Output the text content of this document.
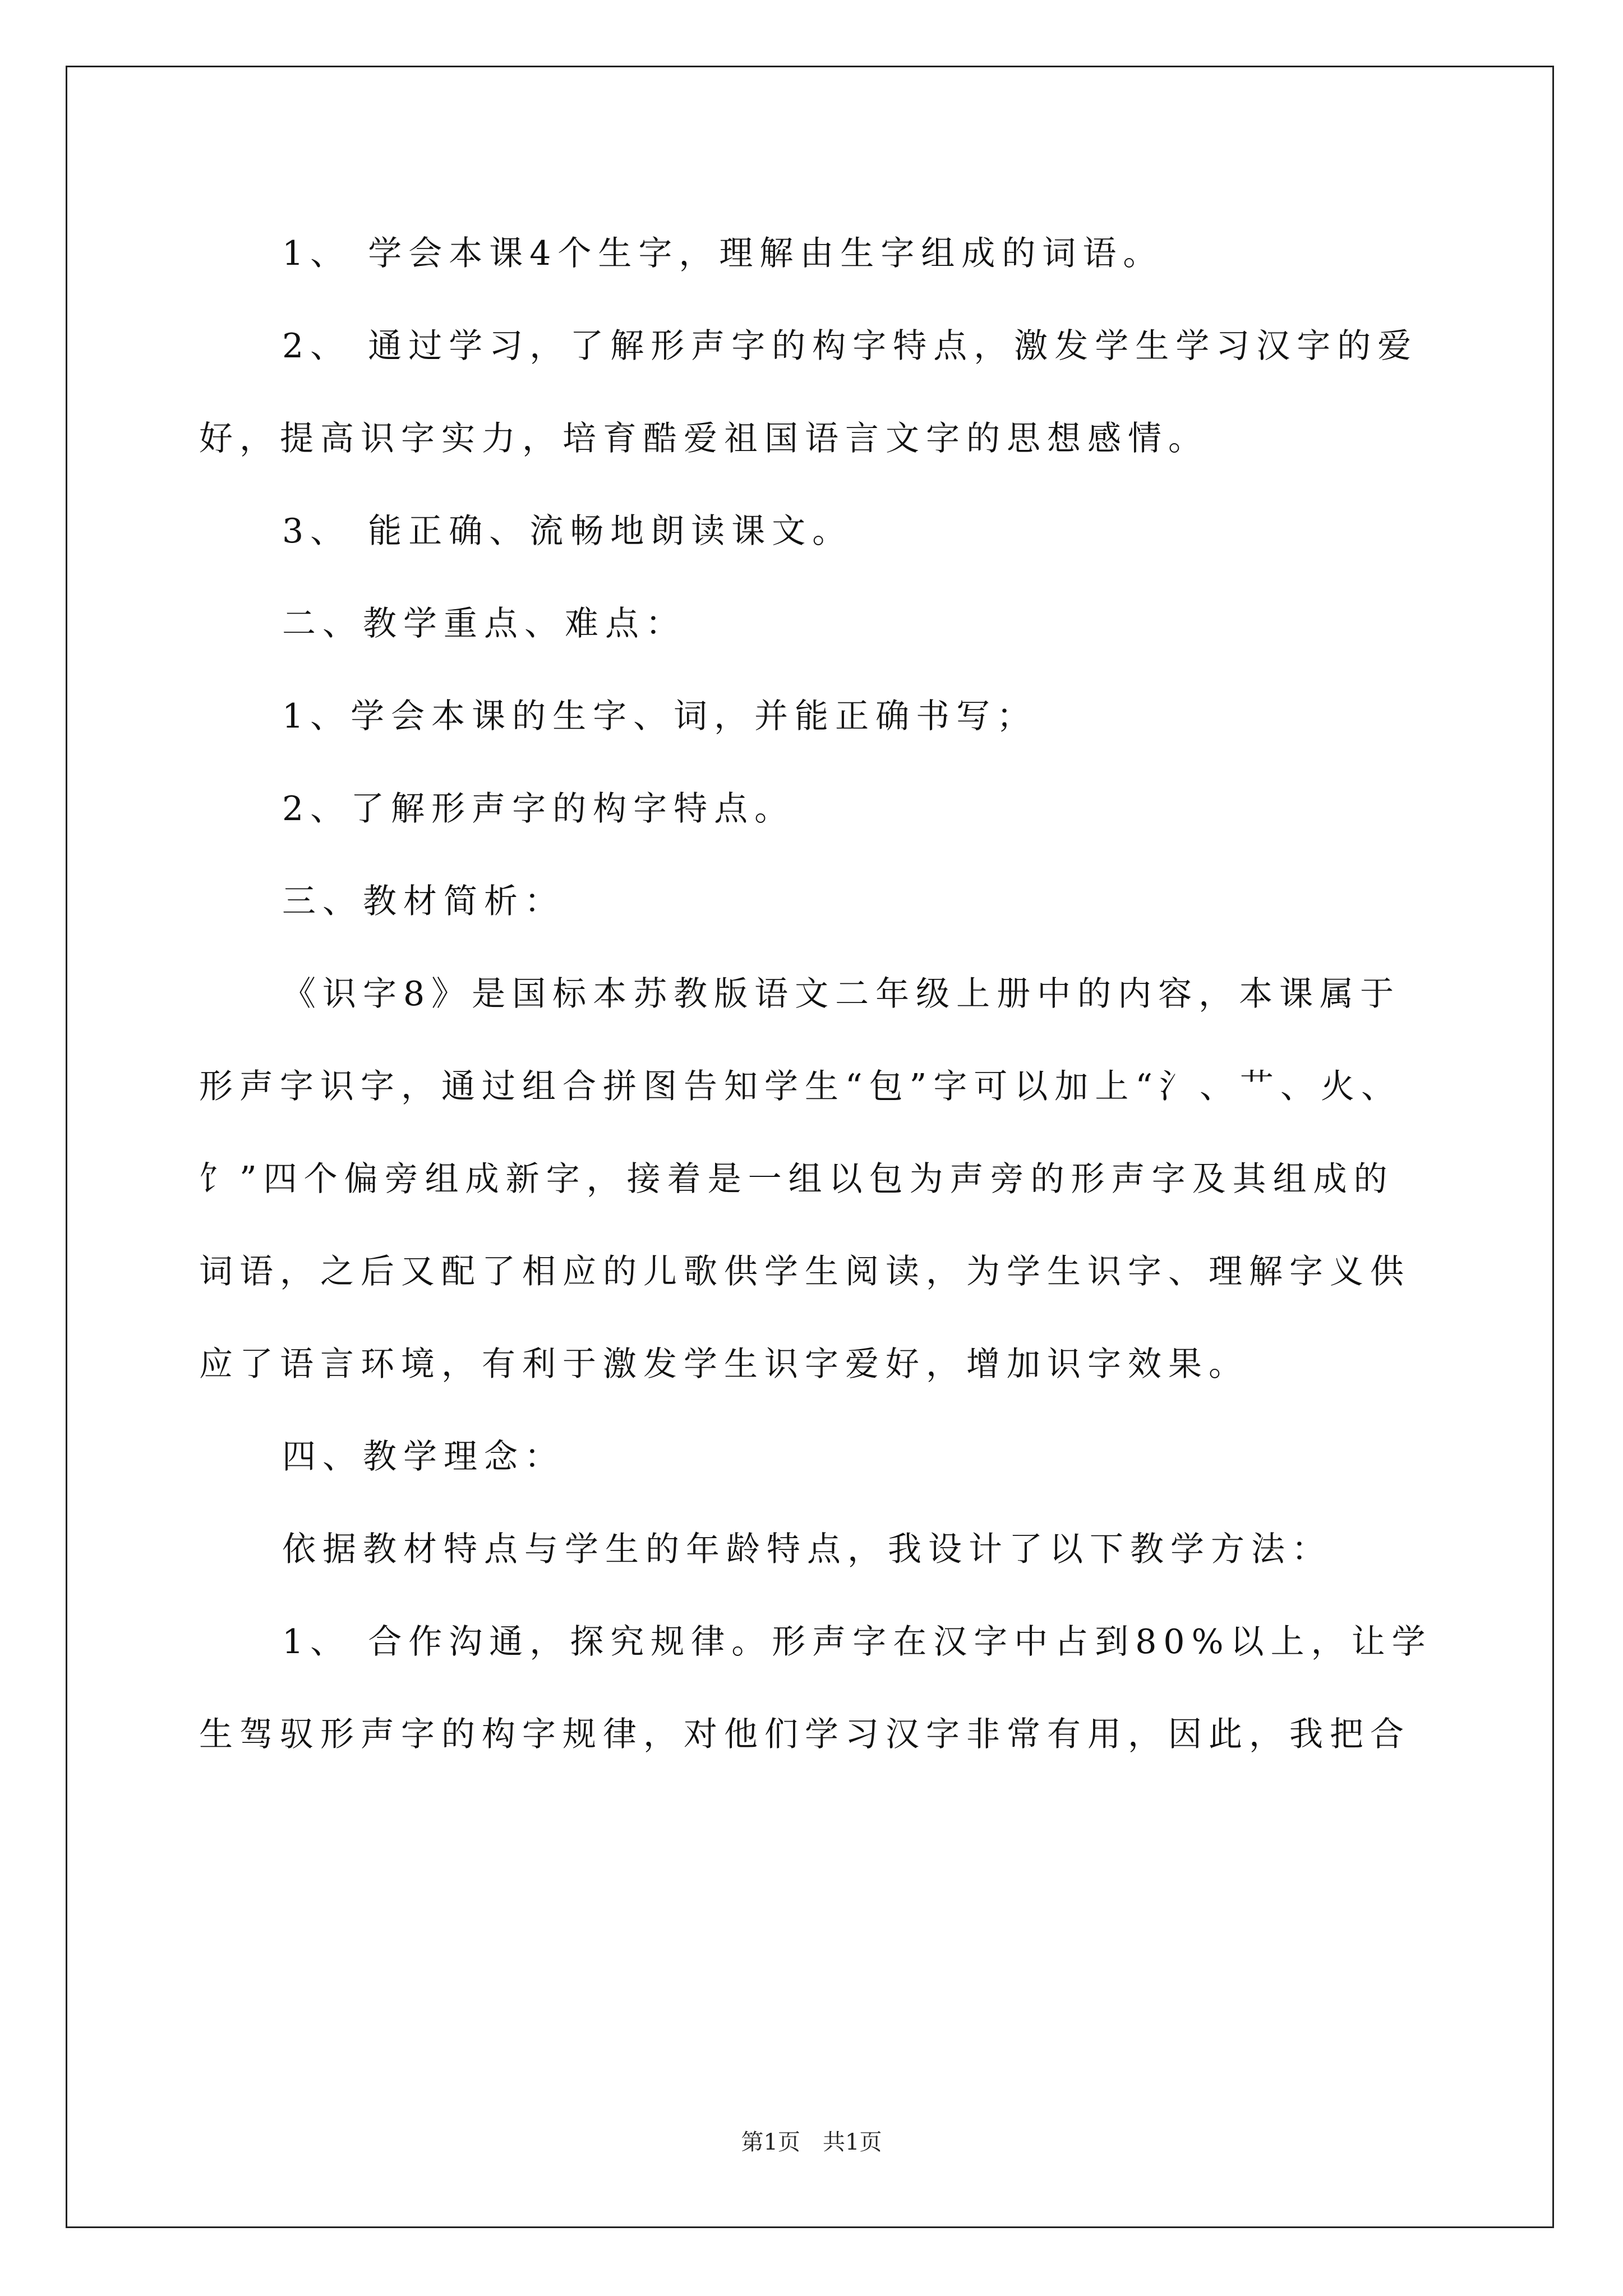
1、 学会本课4个生字，理解由生字组成的词语。

2、 通过学习，了解形声字的构字特点，激发学生学习汉字的爱

好，提高识字实力，培育酷爱祖国语言文字的思想感情。

3、 能正确、流畅地朗读课文。

二、教学重点、难点：

1、学会本课的生字、词，并能正确书写；

2、了解形声字的构字特点。

三、教材简析：

《识字8》是国标本苏教版语文二年级上册中的内容，本课属于

形声字识字，通过组合拼图告知学生“包”字可以加上“氵、艹、火、

饣”四个偏旁组成新字，接着是一组以包为声旁的形声字及其组成的

词语，之后又配了相应的儿歌供学生阅读，为学生识字、理解字义供

应了语言环境，有利于激发学生识字爱好，增加识字效果。

四、教学理念：

依据教材特点与学生的年龄特点，我设计了以下教学方法：

1、 合作沟通，探究规律。形声字在汉字中占到80%以上，让学

生驾驭形声字的构字规律，对他们学习汉字非常有用，因此，我把合

第1页　共1页
